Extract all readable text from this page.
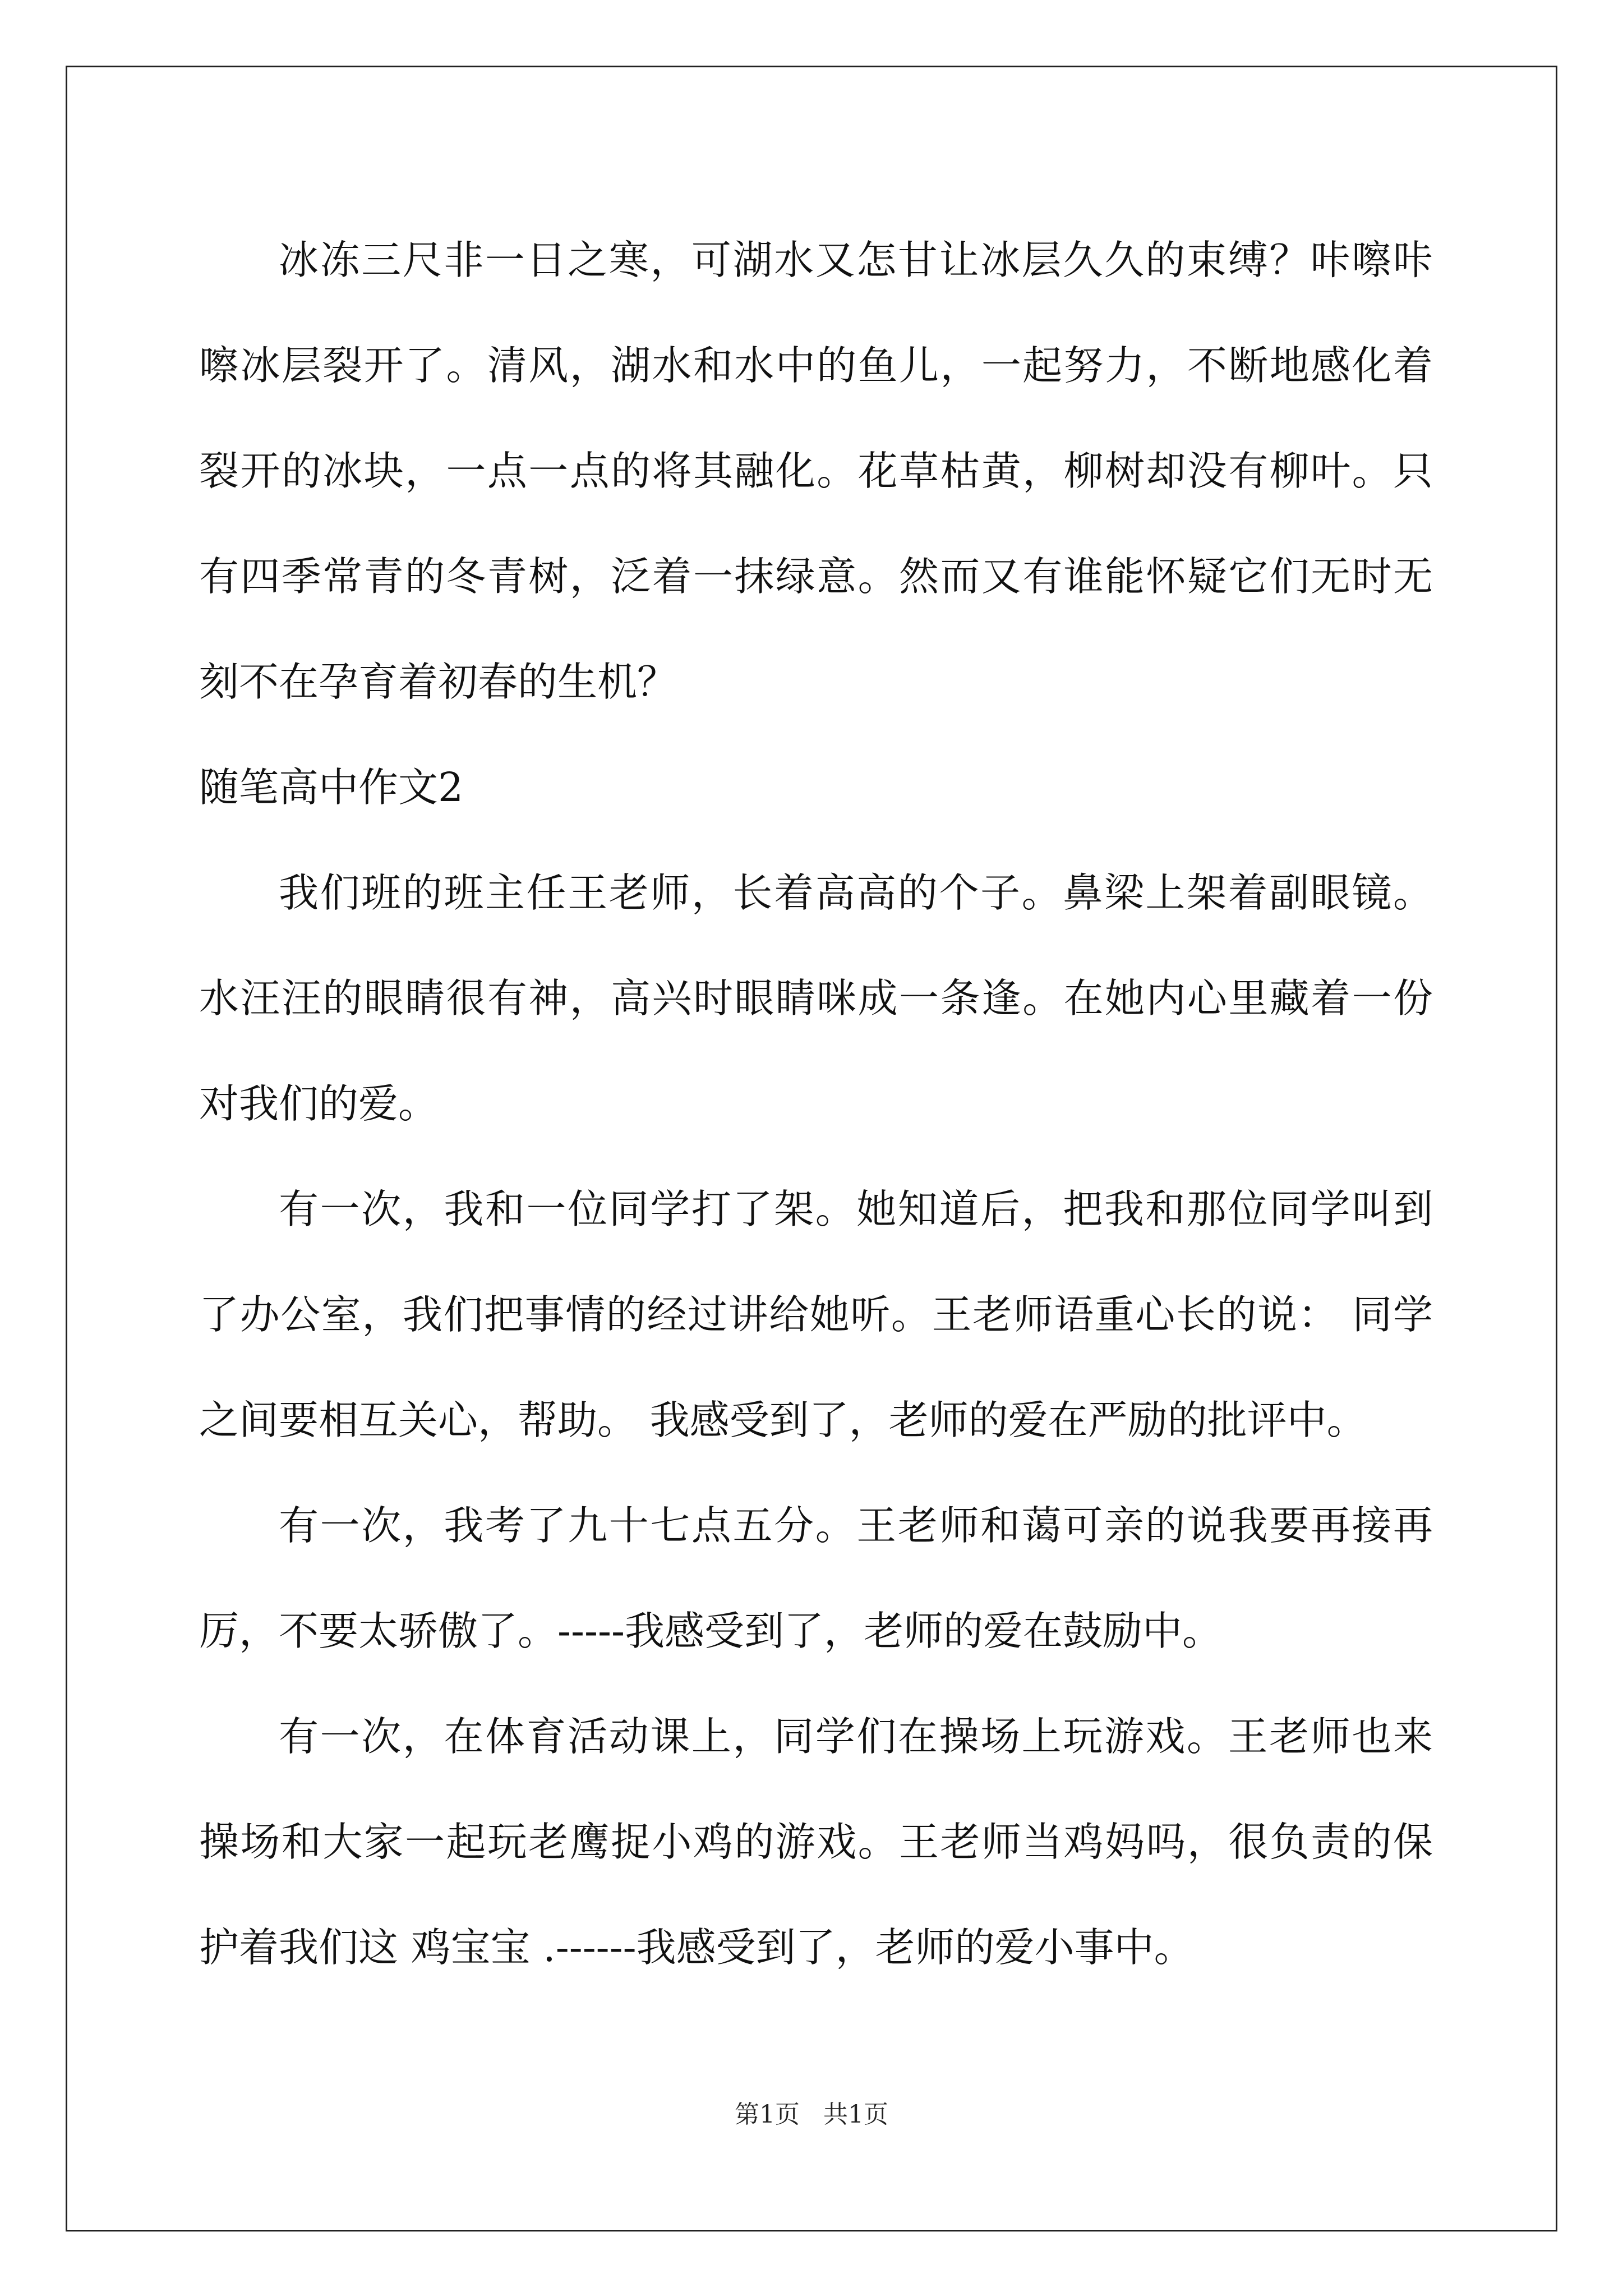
冰冻三尺非一日之寒，可湖水又怎甘让冰层久久的束缚？咔嚓咔嚓冰层裂开了。清风，湖水和水中的鱼儿，一起努力，不断地感化着裂开的冰块，一点一点的将其融化。花草枯黄，柳树却没有柳叶。只有四季常青的冬青树，泛着一抹绿意。然而又有谁能怀疑它们无时无刻不在孕育着初春的生机？

随笔高中作文2

我们班的班主任王老师，长着高高的个子。鼻梁上架着副眼镜。水汪汪的眼睛很有神，高兴时眼睛咪成一条逢。在她内心里藏着一份对我们的爱。

有一次，我和一位同学打了架。她知道后，把我和那位同学叫到了办公室，我们把事情的经过讲给她听。王老师语重心长的说： 同学之间要相互关心，帮助。 我感受到了，老师的爱在严励的批评中。

有一次，我考了九十七点五分。王老师和蔼可亲的说我要再接再厉，不要太骄傲了。-----我感受到了，老师的爱在鼓励中。

有一次，在体育活动课上，同学们在操场上玩游戏。王老师也来操场和大家一起玩老鹰捉小鸡的游戏。王老师当鸡妈吗，很负责的保护着我们这 鸡宝宝 .------我感受到了，老师的爱小事中。

第1页 共1页
